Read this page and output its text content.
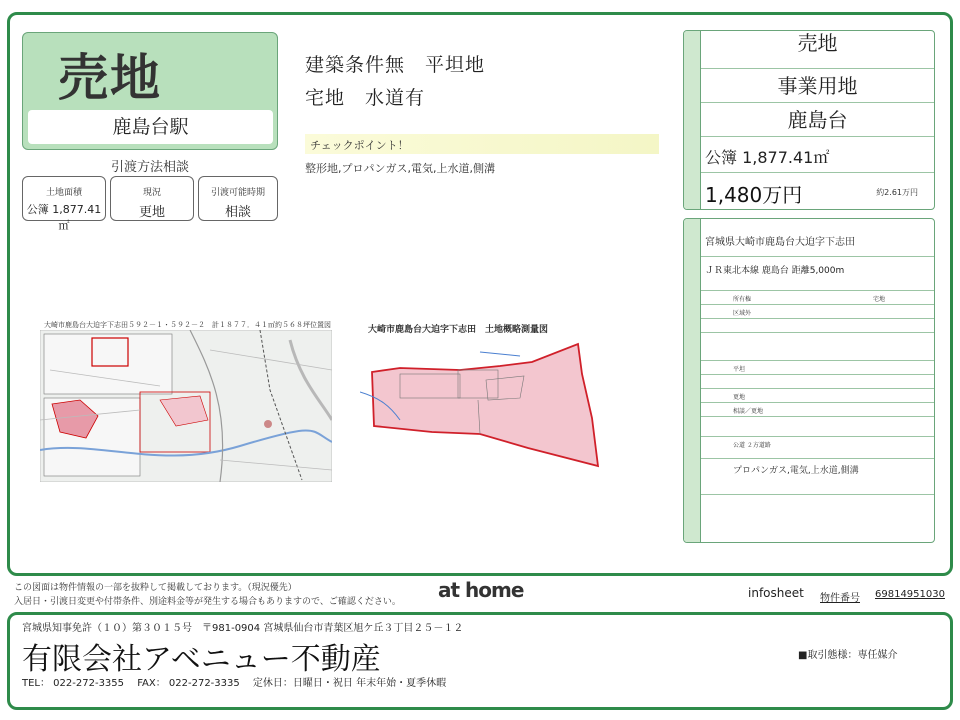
売地
鹿島台駅
引渡方法相談
土地面積
公簿 1,877.41㎡
現況
更地
引渡可能時期
相談
建築条件無　平坦地
宅地　水道有
チェックポイント！
整形地,プロパンガス,電気,上水道,側溝
大崎市鹿島台大迫字下志田５９２－１・５９２－２　計１８７７．４１㎡約５６８坪位置図	大崎市鹿島台大迫字下志田　土地概略測量図
売地
事業用地
鹿島台
公簿 1,877.41㎡
1,480万円	約2.61万円
宮城県大崎市鹿島台大迫字下志田
ＪＲ東北本線 鹿島台 距離5,000m
所有権	宅地
区域外
平坦
更地
相談／更地
公道 ２方道路
プロパンガス,電気,上水道,側溝
この図面は物件情報の一部を抜粋して掲載しております。（現況優先）
入居日・引渡日変更や付帯条件、別途料金等が発生する場合もありますので、ご確認ください。 at home	infosheet 物件番号 69814951030
宮城県知事免許（１０）第３０１５号　〒981-0904 宮城県仙台市青葉区旭ケ丘３丁目２５－１２
有限会社アベニュー不動産	■取引態様：専任媒介
TEL： 022-272-3355　 FAX： 022-272-3335　 定休日：日曜日・祝日 年末年始・夏季休暇
